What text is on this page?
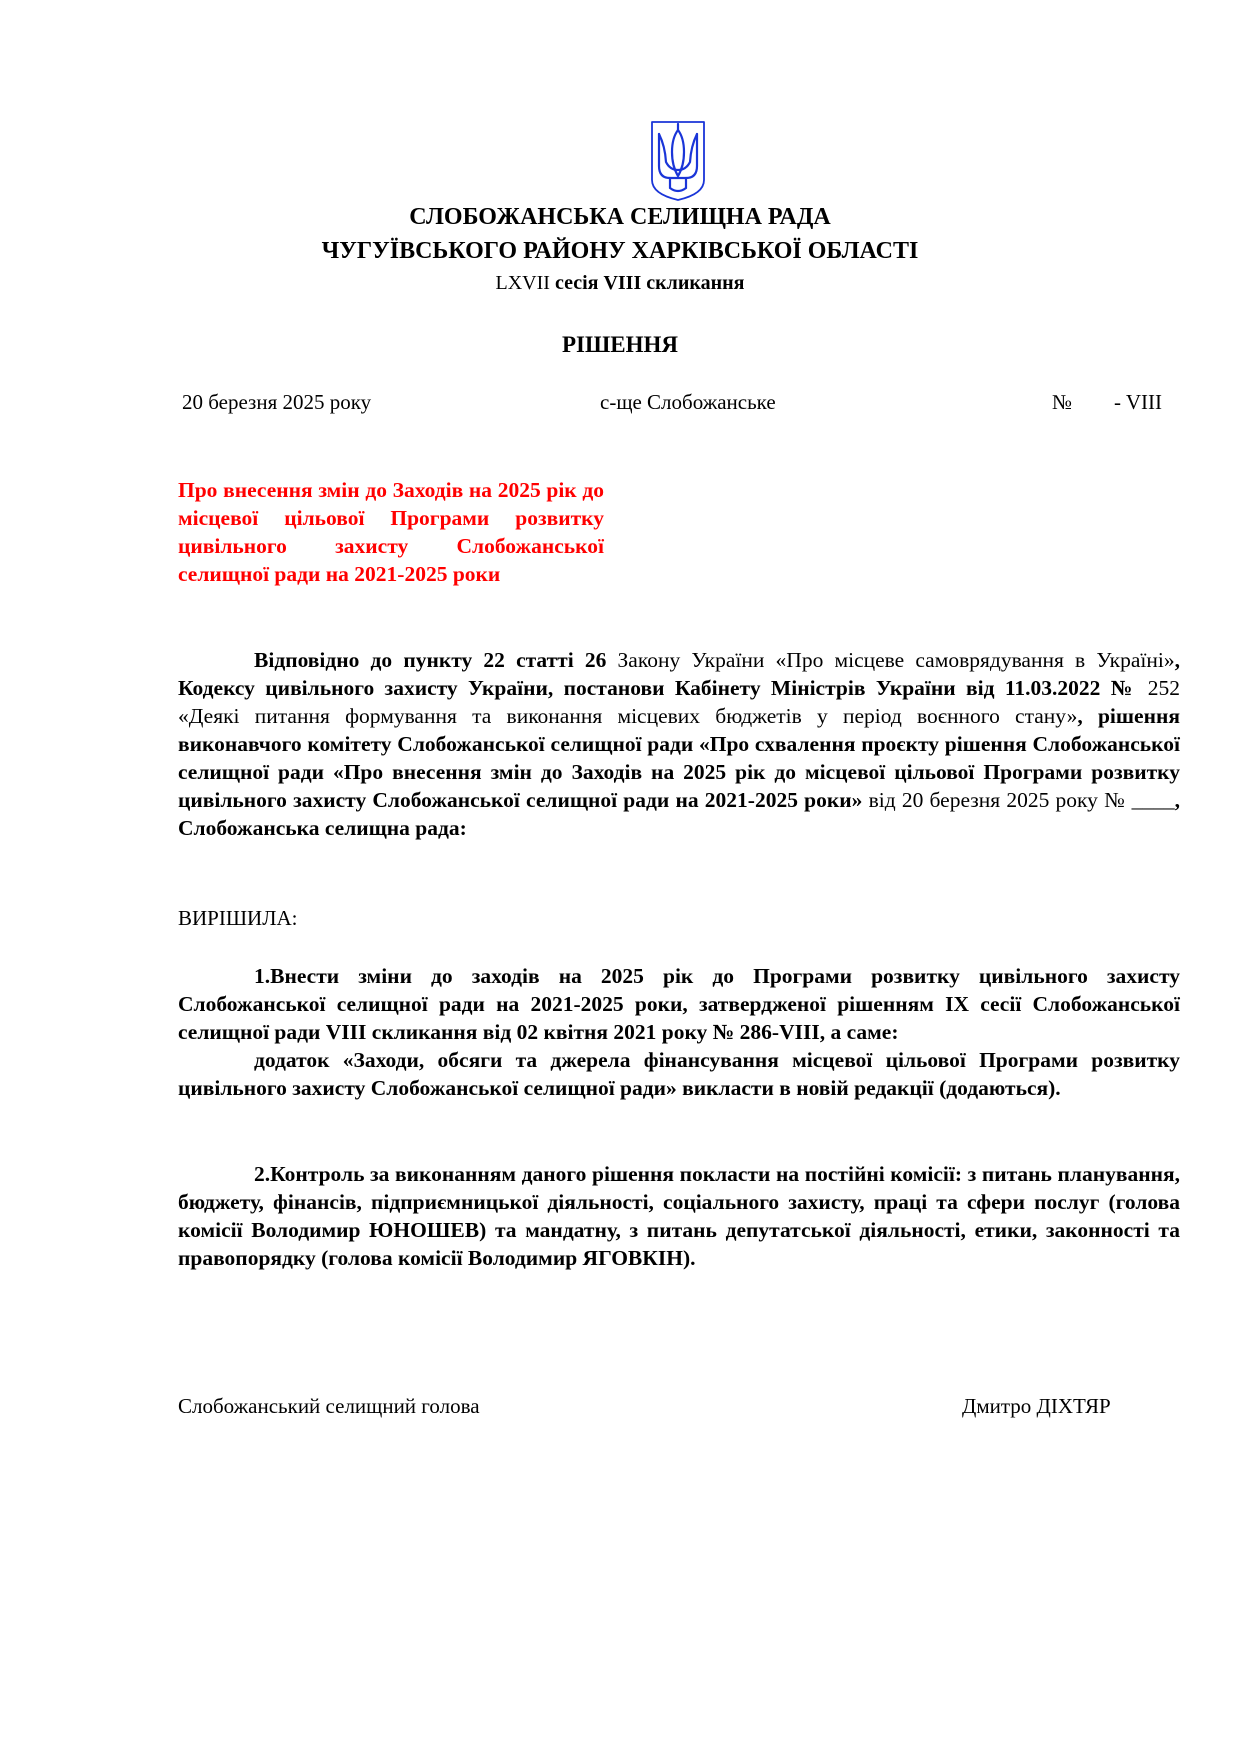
СЛОБОЖАНСЬКА СЕЛИЩНА РАДА
ЧУГУЇВСЬКОГО РАЙОНУ ХАРКІВСЬКОЇ ОБЛАСТІ
LXVII сесія VIII скликання
РІШЕННЯ
20 березня 2025 року	с-ще Слобожанське	№ - VIII
Про внесення змін до Заходів на 2025 рік до місцевої цільової Програми розвитку цивільного захисту Слобожанської селищної ради на 2021-2025 роки

Відповідно до пункту 22 статті 26 Закону України «Про місцеве самоврядування в Україні», Кодексу цивільного захисту України, постанови Кабінету Міністрів України від 11.03.2022 № 252 «Деякі питання формування та виконання місцевих бюджетів у період воєнного стану», рішення виконавчого комітету Слобожанської селищної ради «Про схвалення проєкту рішення Слобожанської селищної ради «Про внесення змін до Заходів на 2025 рік до місцевої цільової Програми розвитку цивільного захисту Слобожанської селищної ради на 2021-2025 роки» від 20 березня 2025 року № ____, Слобожанська селищна рада:

ВИРІШИЛА:

1.Внести зміни до заходів на 2025 рік до Програми розвитку цивільного захисту Слобожанської селищної ради на 2021-2025 роки, затвердженої рішенням IX сесії Слобожанської селищної ради VIII скликання від 02 квітня 2021 року № 286-VIII, а саме:

додаток «Заходи, обсяги та джерела фінансування місцевої цільової Програми розвитку цивільного захисту Слобожанської селищної ради» викласти в новій редакції (додаються).

2.Контроль за виконанням даного рішення покласти на постійні комісії: з питань планування, бюджету, фінансів, підприємницької діяльності, соціального захисту, праці та сфери послуг (голова комісії Володимир ЮНОШЕВ) та мандатну, з питань депутатської діяльності, етики, законності та правопорядку (голова комісії Володимир ЯГОВКІН).

Слобожанський селищний голова	Дмитро ДІХТЯР
